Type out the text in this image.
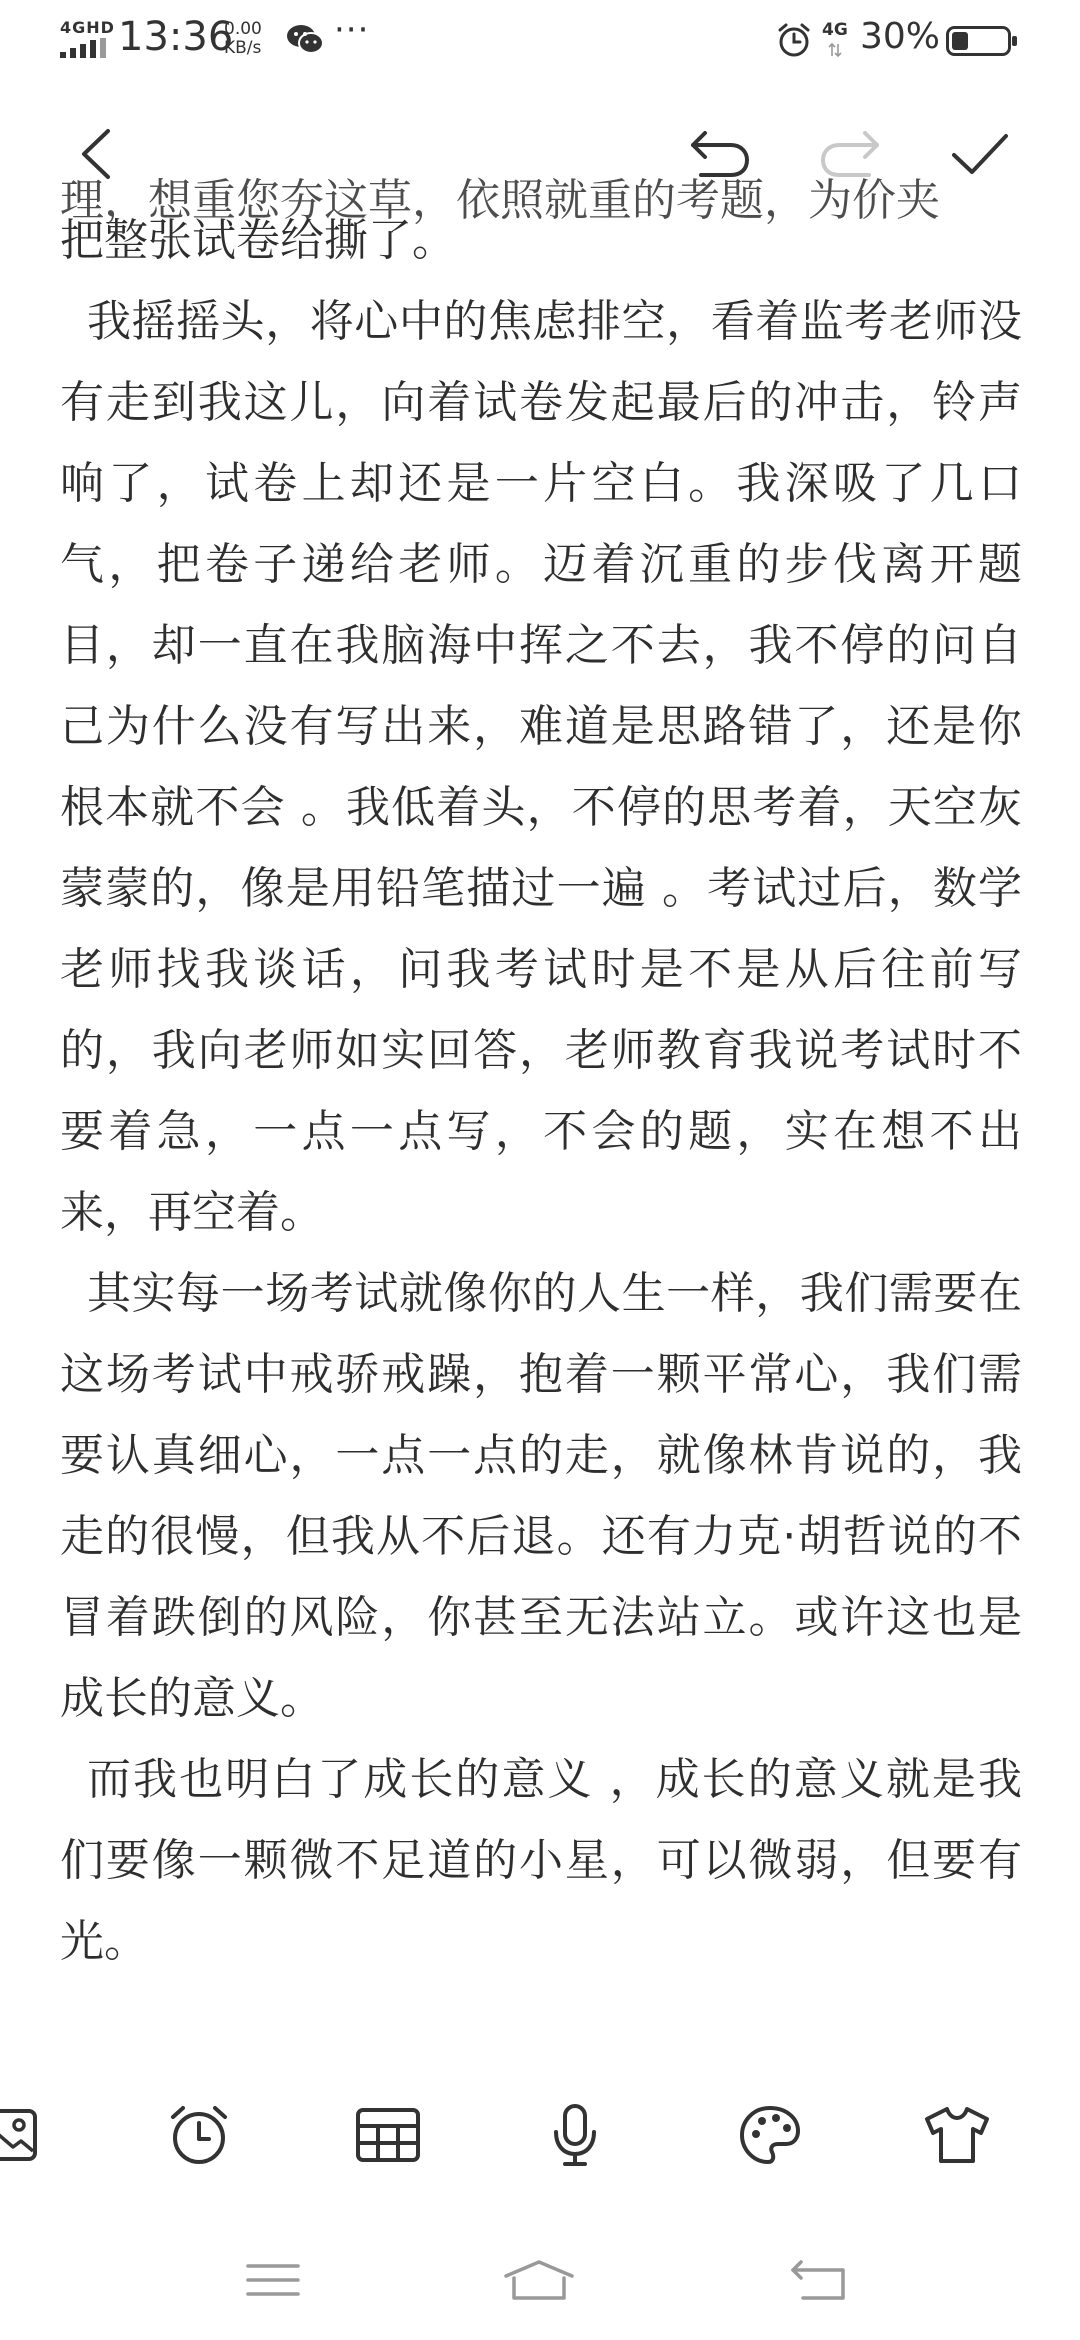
4GHD 13:36
0.00
KB/s ···	4G 30%

理，想重您夯这草，依照就重的考题，为价夹

把整张试卷给撕了。

我摇摇头，将心中的焦虑排空，看着监考老师没有走到我这儿，向着试卷发起最后的冲击，铃声响了，试卷上却还是一片空白。我深吸了几口气，把卷子递给老师。迈着沉重的步伐离开题目，却一直在我脑海中挥之不去，我不停的问自己为什么没有写出来，难道是思路错了，还是你根本就不会 。我低着头，不停的思考着，天空灰蒙蒙的，像是用铅笔描过一遍 。考试过后，数学老师找我谈话，问我考试时是不是从后往前写的，我向老师如实回答，老师教育我说考试时不要着急，一点一点写，不会的题，实在想不出来，再空着。

其实每一场考试就像你的人生一样，我们需要在这场考试中戒骄戒躁，抱着一颗平常心，我们需要认真细心，一点一点的走，就像林肯说的，我走的很慢，但我从不后退。还有力克·胡哲说的不冒着跌倒的风险，你甚至无法站立。或许这也是成长的意义。

而我也明白了成长的意义 ，成长的意义就是我们要像一颗微不足道的小星，可以微弱，但要有光。
